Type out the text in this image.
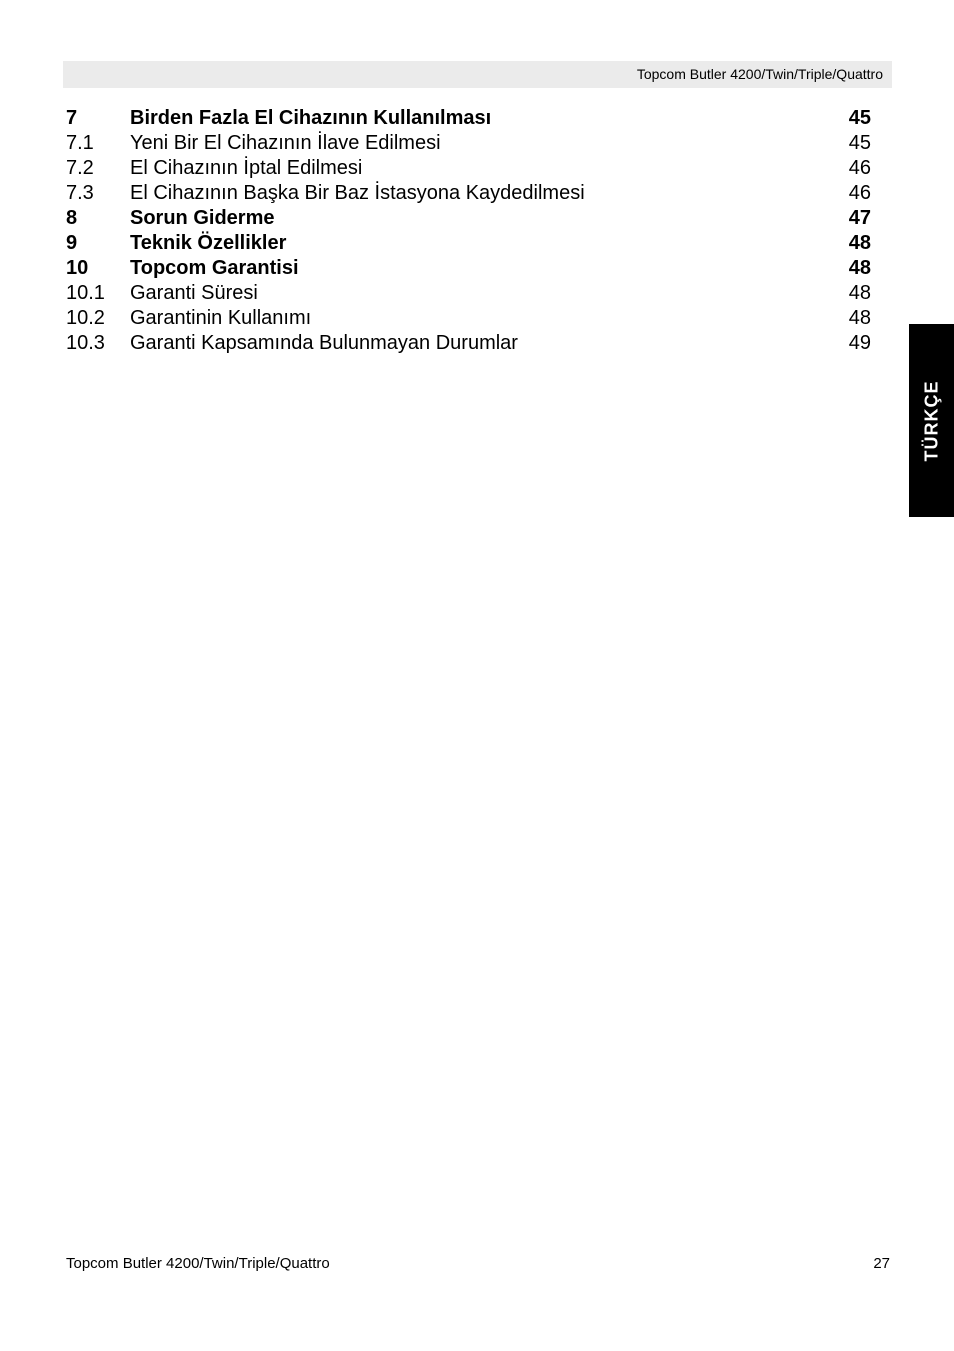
Topcom Butler 4200/Twin/Triple/Quattro
7	Birden Fazla El Cihazının Kullanılması	45
7.1 Yeni Bir El Cihazının İlave Edilmesi	45
7.2 El Cihazının İptal Edilmesi	46
7.3 El Cihazının Başka Bir Baz İstasyona Kaydedilmesi	46
8	Sorun Giderme	47
9	Teknik Özellikler	48
10 Topcom Garantisi	48
10.1 Garanti Süresi	48
10.2 Garantinin Kullanımı	48
10.3 Garanti Kapsamında Bulunmayan Durumlar	49
TÜRKÇE
Topcom Butler 4200/Twin/Triple/Quattro	27
